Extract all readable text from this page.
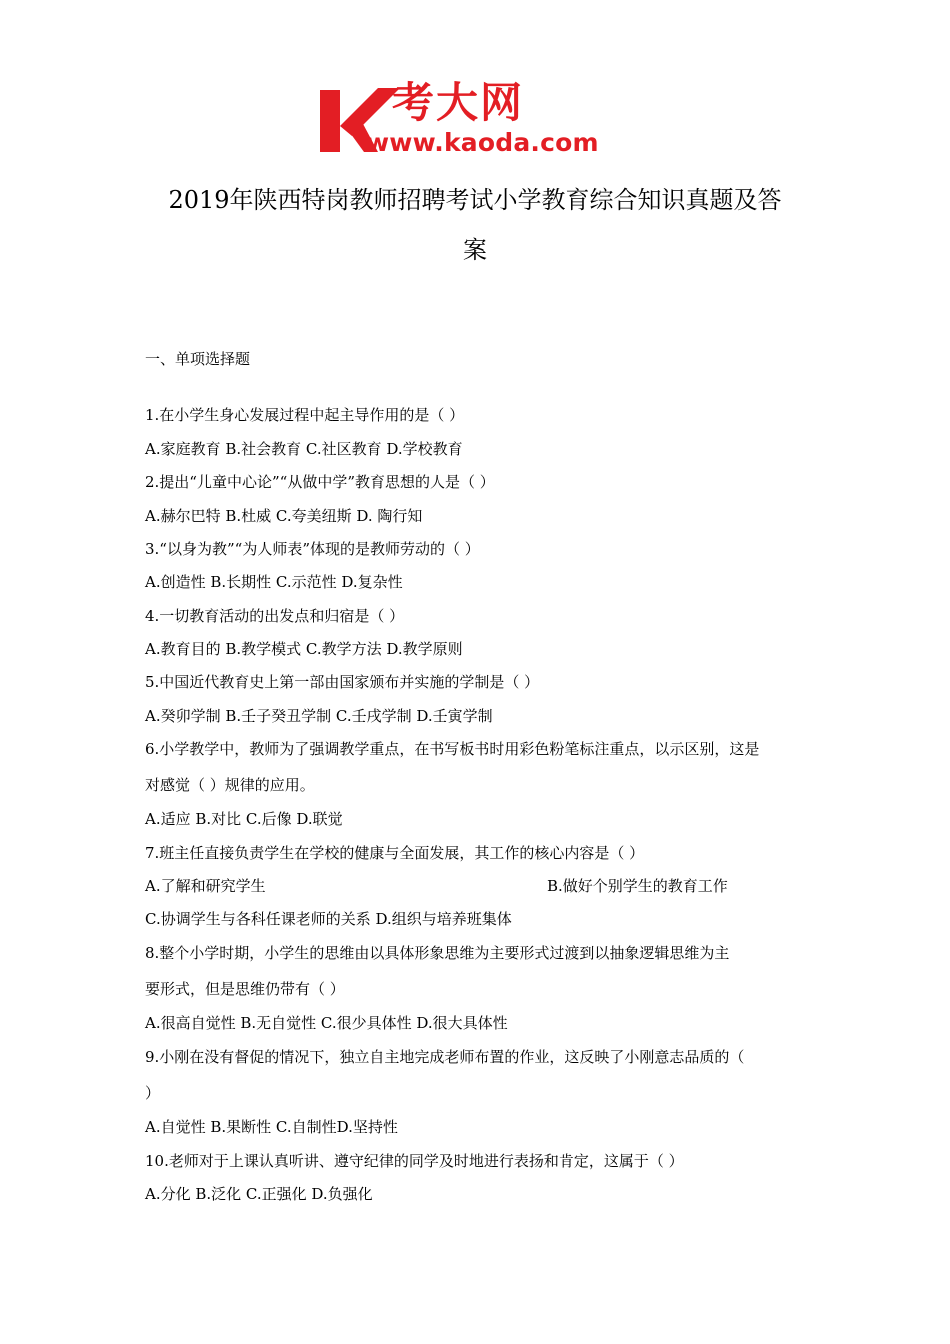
考大网
www.kaoda.com
2019年陕西特岗教师招聘考试小学教育综合知识真题及答
案
一、单项选择题
1.在小学生身心发展过程中起主导作用的是（ ）
A.家庭教育 B.社会教育 C.社区教育 D.学校教育
2.提出“儿童中心论”“从做中学”教育思想的人是（ ）
A.赫尔巴特 B.杜威 C.夸美纽斯 D. 陶行知
3.“以身为教”“为人师表”体现的是教师劳动的（ ）
A.创造性 B.长期性 C.示范性 D.复杂性
4.一切教育活动的出发点和归宿是（ ）
A.教育目的 B.教学模式 C.教学方法 D.教学原则
5.中国近代教育史上第一部由国家颁布并实施的学制是（ ）
A.癸卯学制 B.壬子癸丑学制 C.壬戌学制 D.壬寅学制
6.小学教学中，教师为了强调教学重点，在书写板书时用彩色粉笔标注重点，以示区别，这是
对感觉（ ）规律的应用。
A.适应 B.对比 C.后像 D.联觉
7.班主任直接负责学生在学校的健康与全面发展，其工作的核心内容是（ ）
A.了解和研究学生	B.做好个别学生的教育工作
C.协调学生与各科任课老师的关系 D.组织与培养班集体
8.整个小学时期，小学生的思维由以具体形象思维为主要形式过渡到以抽象逻辑思维为主
要形式，但是思维仍带有（ ）
A.很高自觉性 B.无自觉性 C.很少具体性 D.很大具体性
9.小刚在没有督促的情况下，独立自主地完成老师布置的作业，这反映了小刚意志品质的（
）
A.自觉性 B.果断性 C.自制性D.坚持性
10.老师对于上课认真听讲、遵守纪律的同学及时地进行表扬和肯定，这属于（ ）
A.分化 B.泛化 C.正强化 D.负强化
